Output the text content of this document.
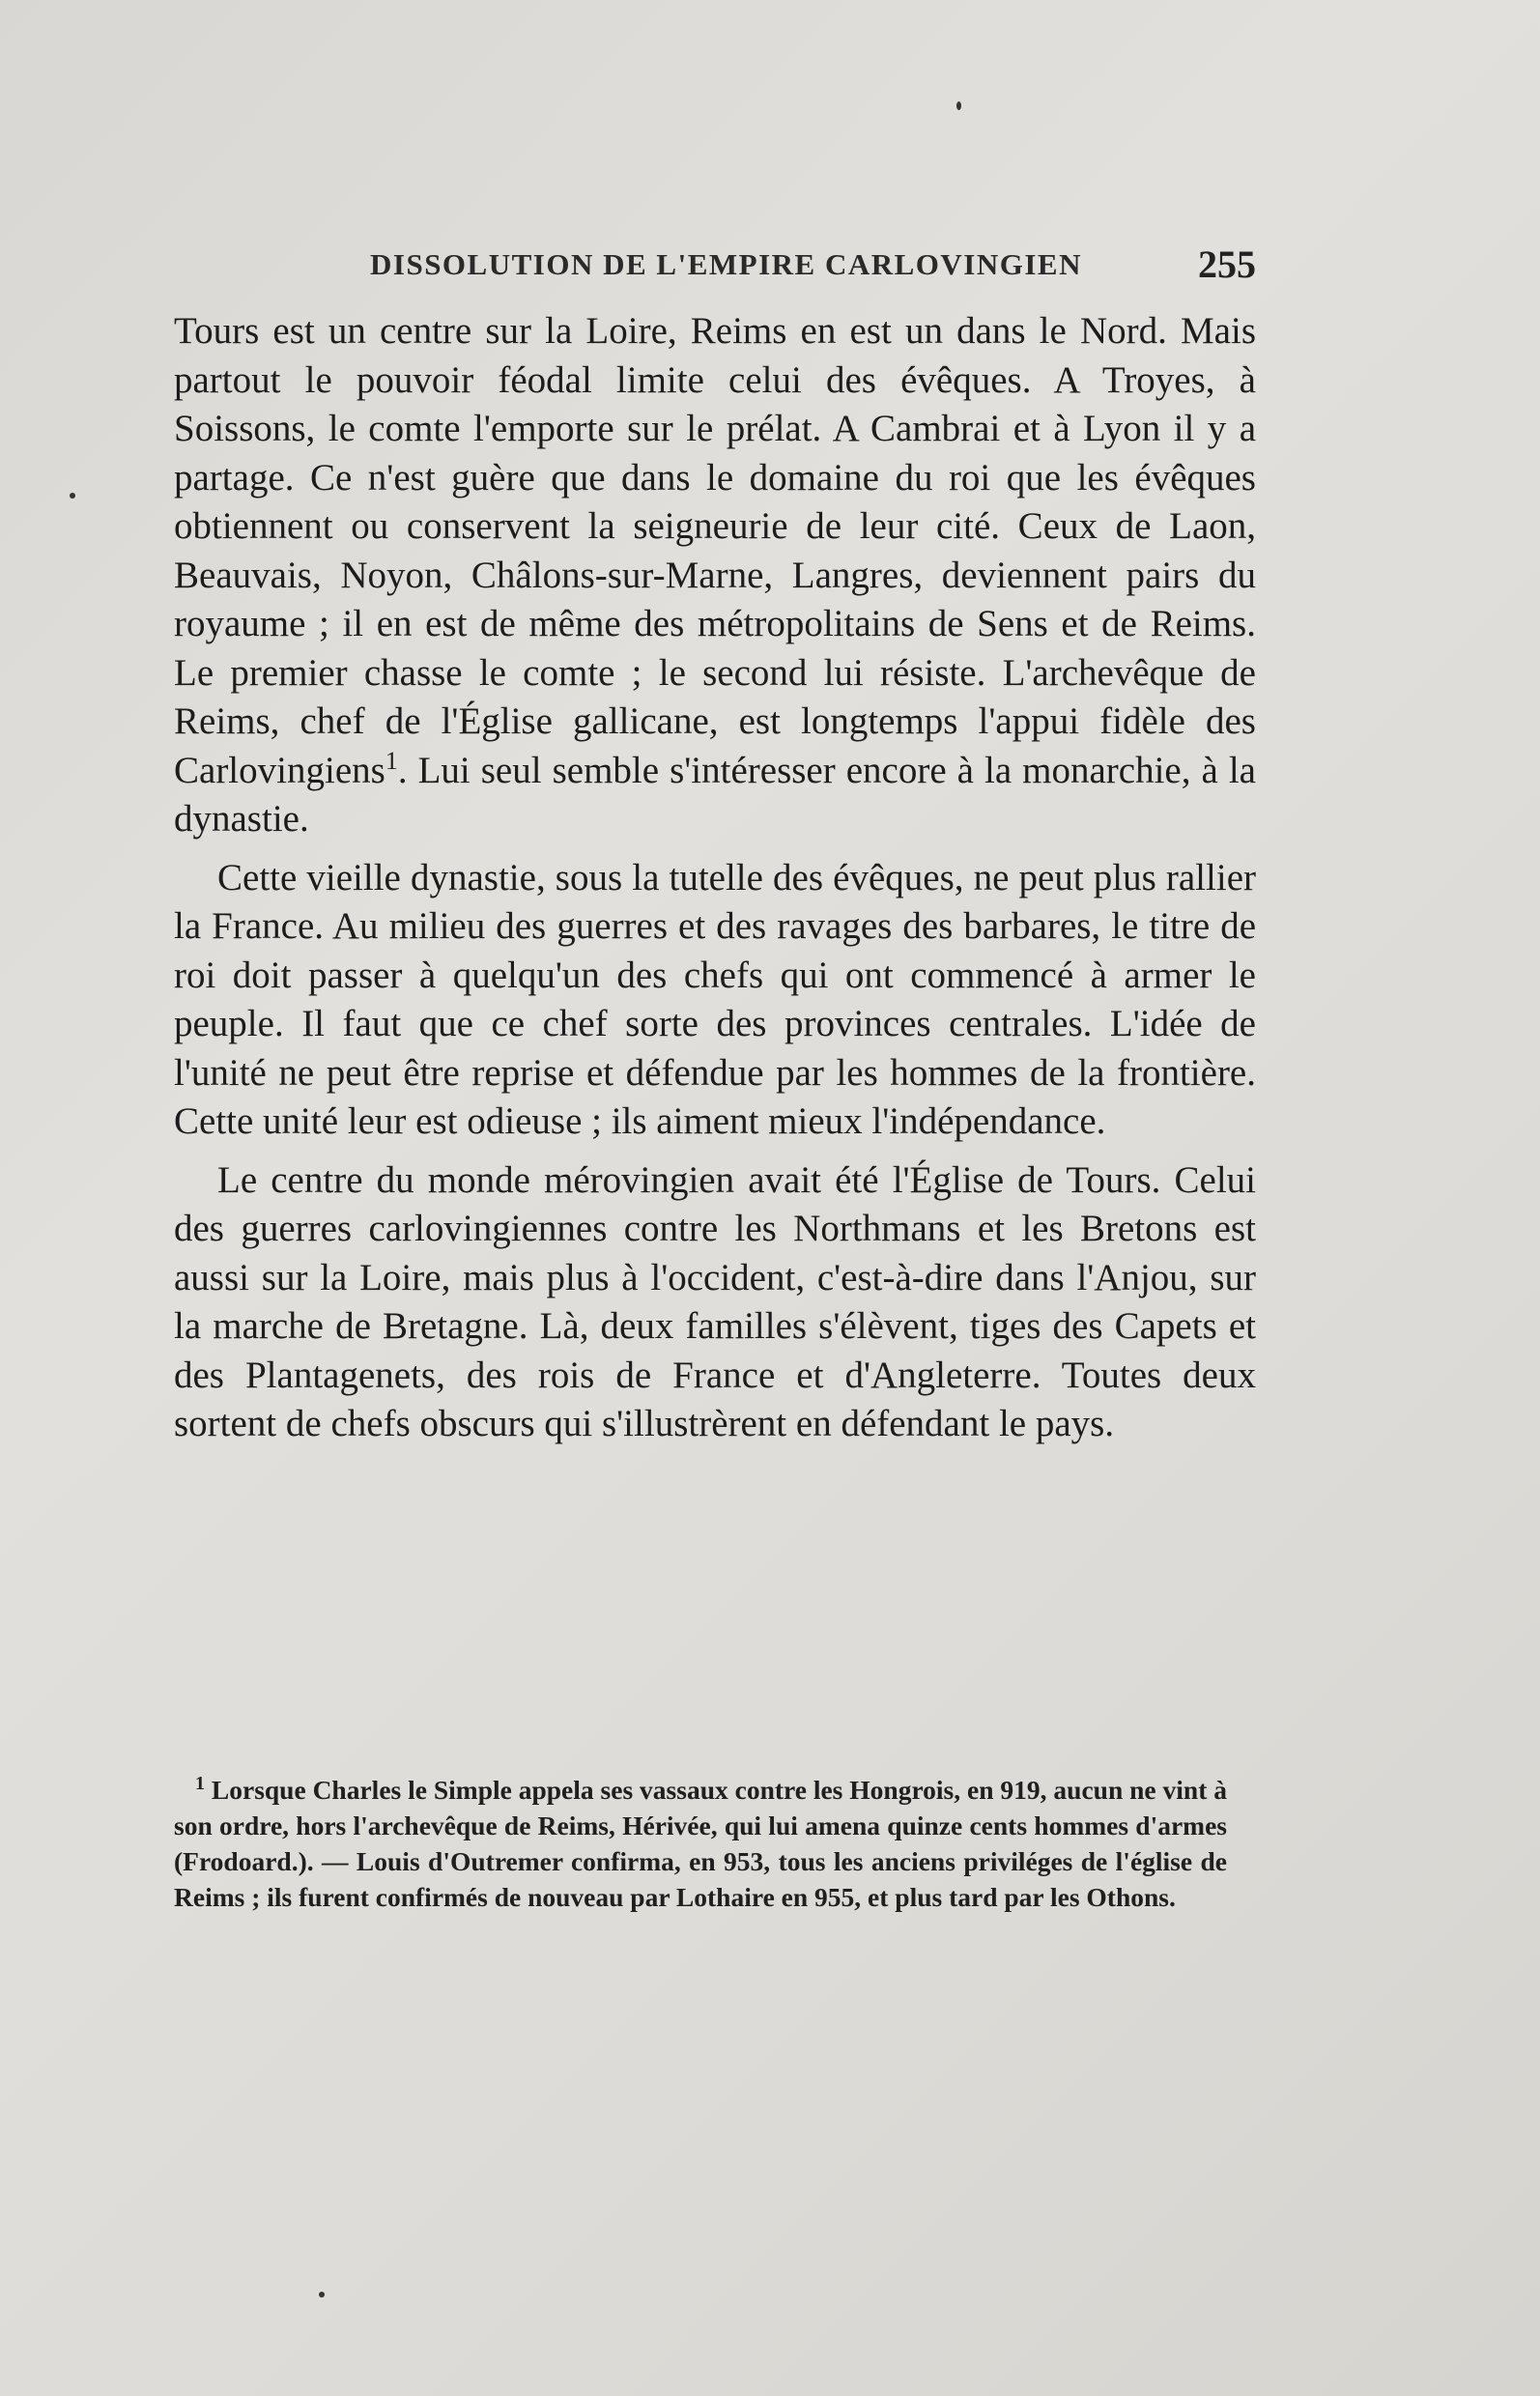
DISSOLUTION DE L'EMPIRE CARLOVINGIEN	255

Tours est un centre sur la Loire, Reims en est un dans le Nord. Mais partout le pouvoir féodal limite celui des évêques. A Troyes, à Soissons, le comte l'emporte sur le prélat. A Cambrai et à Lyon il y a partage. Ce n'est guère que dans le domaine du roi que les évêques obtiennent ou conservent la seigneurie de leur cité. Ceux de Laon, Beauvais, Noyon, Châlons-sur-Marne, Langres, deviennent pairs du royaume ; il en est de même des métropolitains de Sens et de Reims. Le premier chasse le comte ; le second lui résiste. L'archevêque de Reims, chef de l'Église gallicane, est longtemps l'appui fidèle des Carlovingiens$^1$. Lui seul semble s'intéresser encore à la monarchie, à la dynastie.

Cette vieille dynastie, sous la tutelle des évêques, ne peut plus rallier la France. Au milieu des guerres et des ravages des barbares, le titre de roi doit passer à quelqu'un des chefs qui ont commencé à armer le peuple. Il faut que ce chef sorte des provinces centrales. L'idée de l'unité ne peut être reprise et défendue par les hommes de la frontière. Cette unité leur est odieuse ; ils aiment mieux l'indépendance.

Le centre du monde mérovingien avait été l'Église de Tours. Celui des guerres carlovingiennes contre les Northmans et les Bretons est aussi sur la Loire, mais plus à l'occident, c'est-à-dire dans l'Anjou, sur la marche de Bretagne. Là, deux familles s'élèvent, tiges des Capets et des Plantagenets, des rois de France et d'Angleterre. Toutes deux sortent de chefs obscurs qui s'illustrèrent en défendant le pays.

$^1$ Lorsque Charles le Simple appela ses vassaux contre les Hongrois, en 919, aucun ne vint à son ordre, hors l'archevêque de Reims, Hérivée, qui lui amena quinze cents hommes d'armes (Frodoard.). — Louis d'Outremer confirma, en 953, tous les anciens priviléges de l'église de Reims ; ils furent confirmés de nouveau par Lothaire en 955, et plus tard par les Othons.
